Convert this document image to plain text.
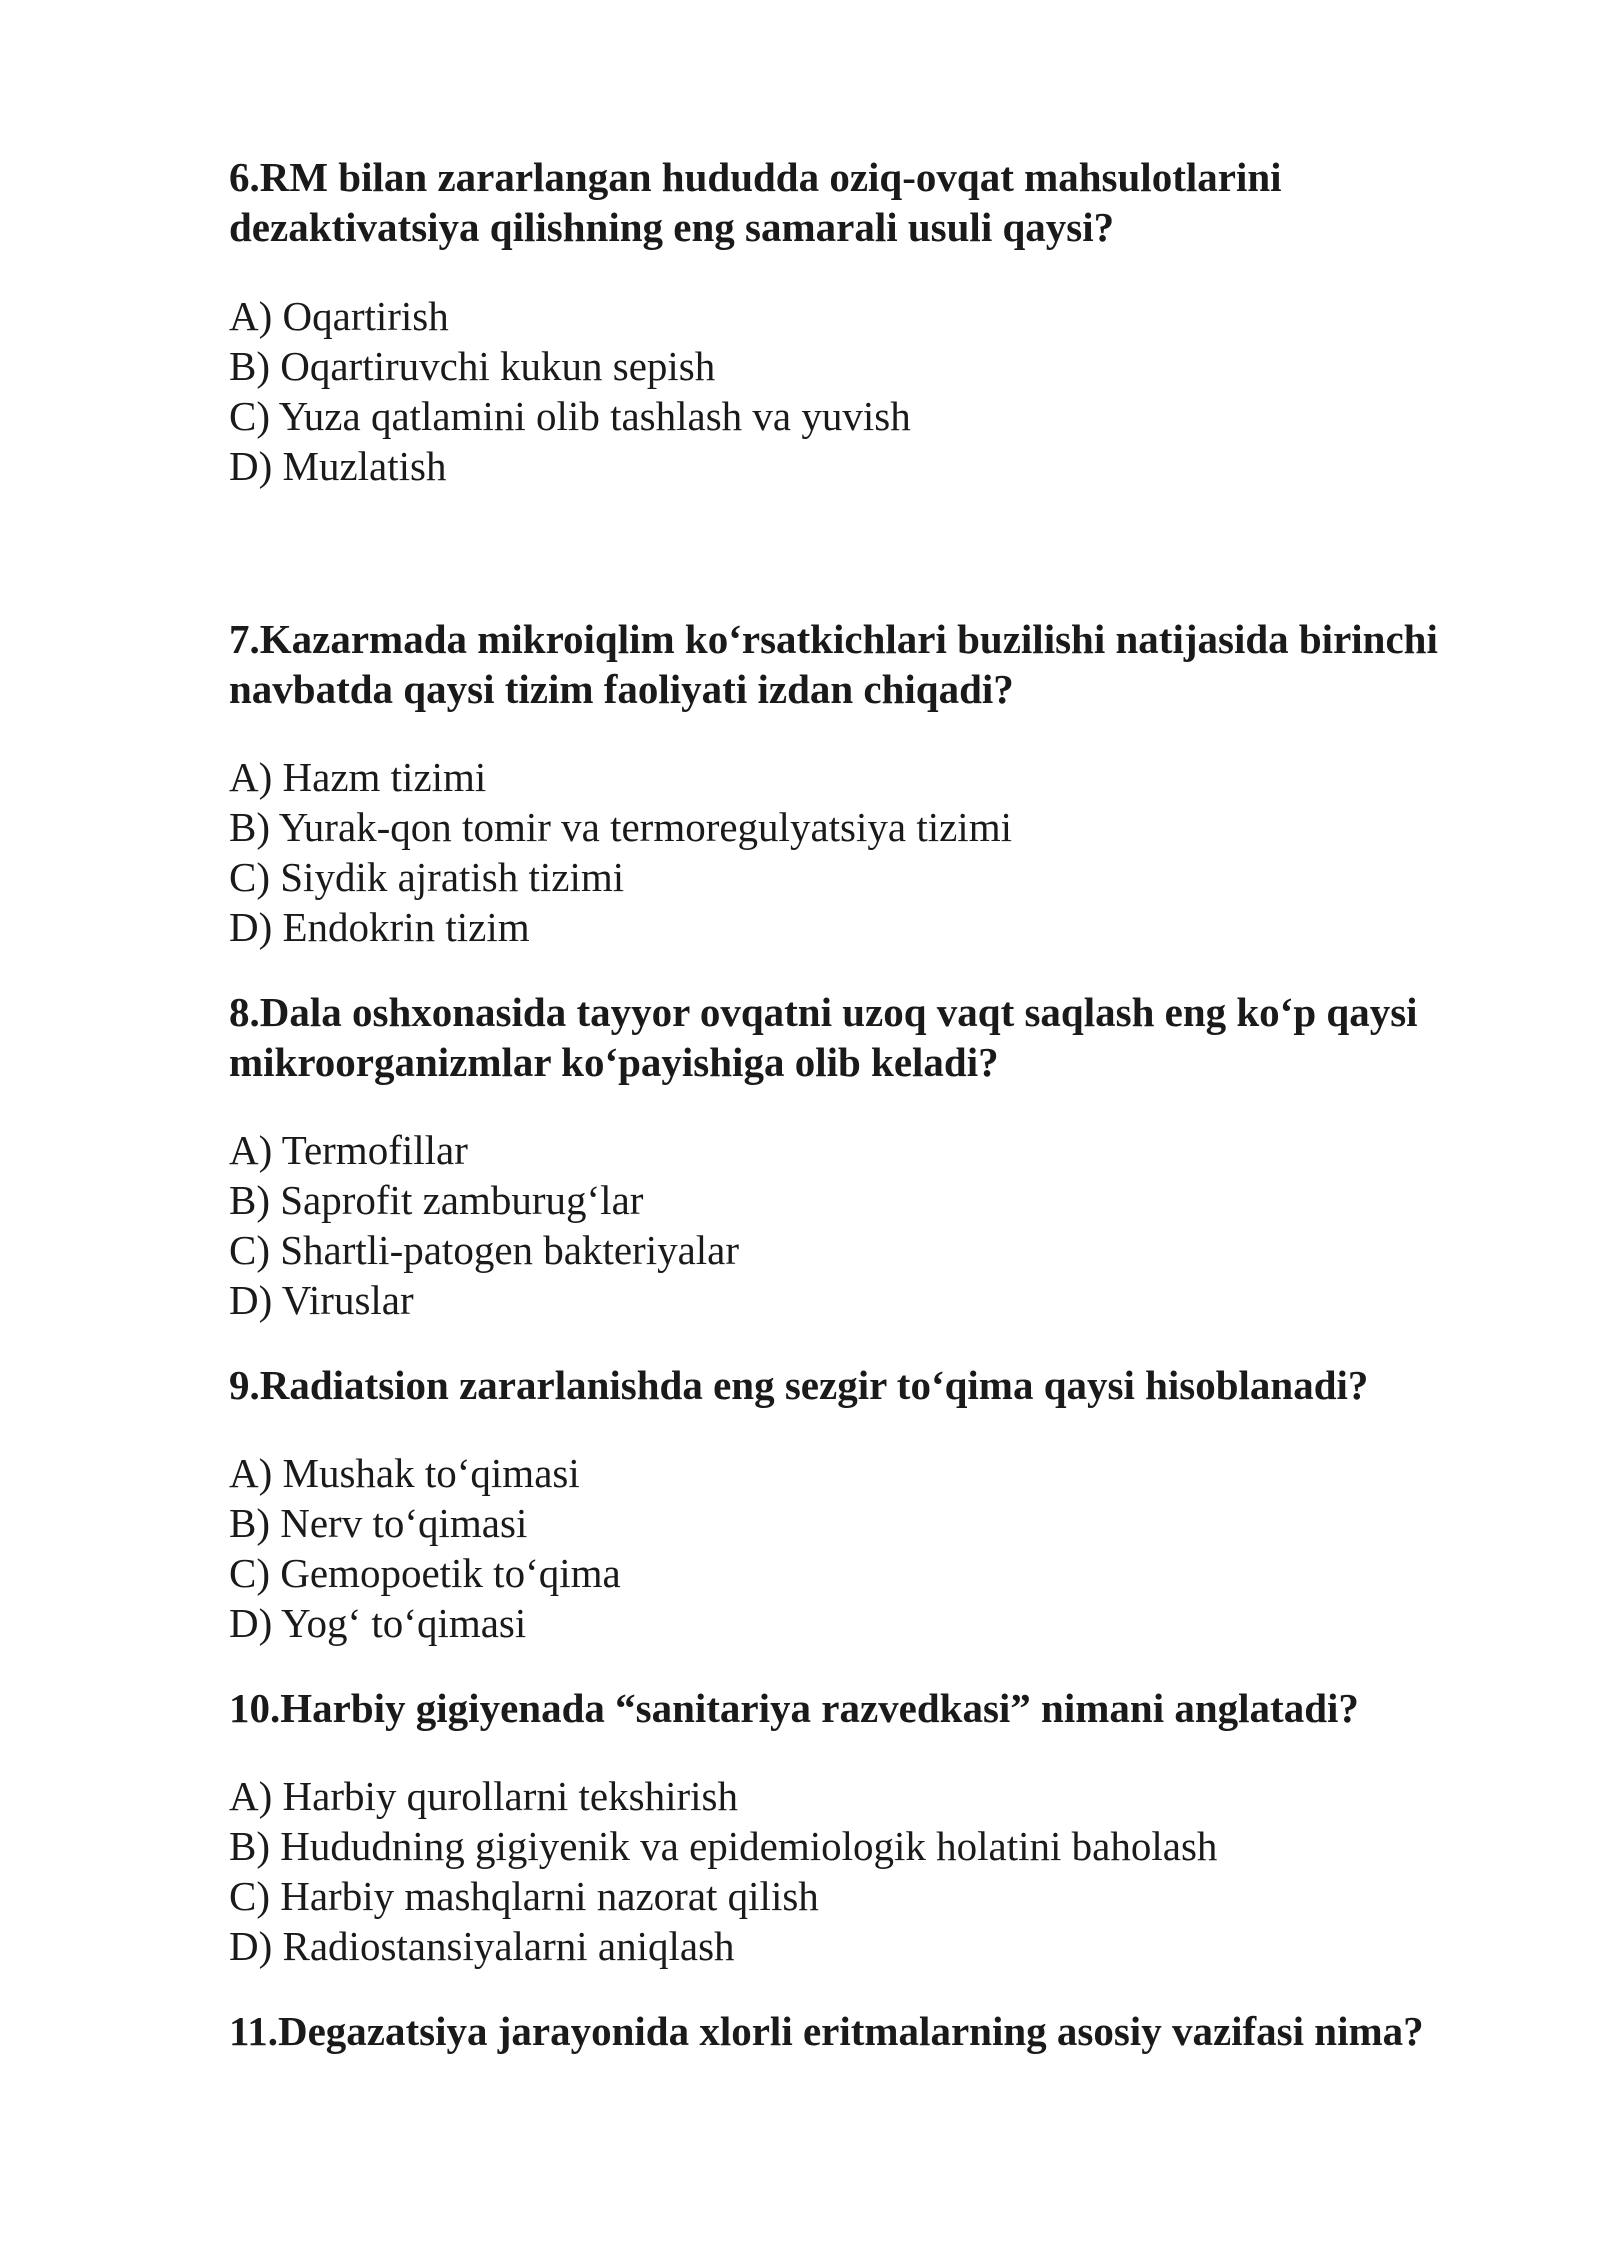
6.RM bilan zararlangan hududda oziq-ovqat mahsulotlarini dezaktivatsiya qilishning eng samarali usuli qaysi?

A) Oqartirish
B) Oqartiruvchi kukun sepish
C) Yuza qatlamini olib tashlash va yuvish
D) Muzlatish

7.Kazarmada mikroiqlim ko‘rsatkichlari buzilishi natijasida birinchi navbatda qaysi tizim faoliyati izdan chiqadi?

A) Hazm tizimi
B) Yurak-qon tomir va termoregulyatsiya tizimi
C) Siydik ajratish tizimi
D) Endokrin tizim

8.Dala oshxonasida tayyor ovqatni uzoq vaqt saqlash eng ko‘p qaysi mikroorganizmlar ko‘payishiga olib keladi?

A) Termofillar
B) Saprofit zamburug‘lar
C) Shartli-patogen bakteriyalar
D) Viruslar

9.Radiatsion zararlanishda eng sezgir to‘qima qaysi hisoblanadi?

A) Mushak to‘qimasi
B) Nerv to‘qimasi
C) Gemopoetik to‘qima
D) Yog‘ to‘qimasi

10.Harbiy gigiyenada “sanitariya razvedkasi” nimani anglatadi?

A) Harbiy qurollarni tekshirish
B) Hududning gigiyenik va epidemiologik holatini baholash
C) Harbiy mashqlarni nazorat qilish
D) Radiostansiyalarni aniqlash

11.Degazatsiya jarayonida xlorli eritmalarning asosiy vazifasi nima?
